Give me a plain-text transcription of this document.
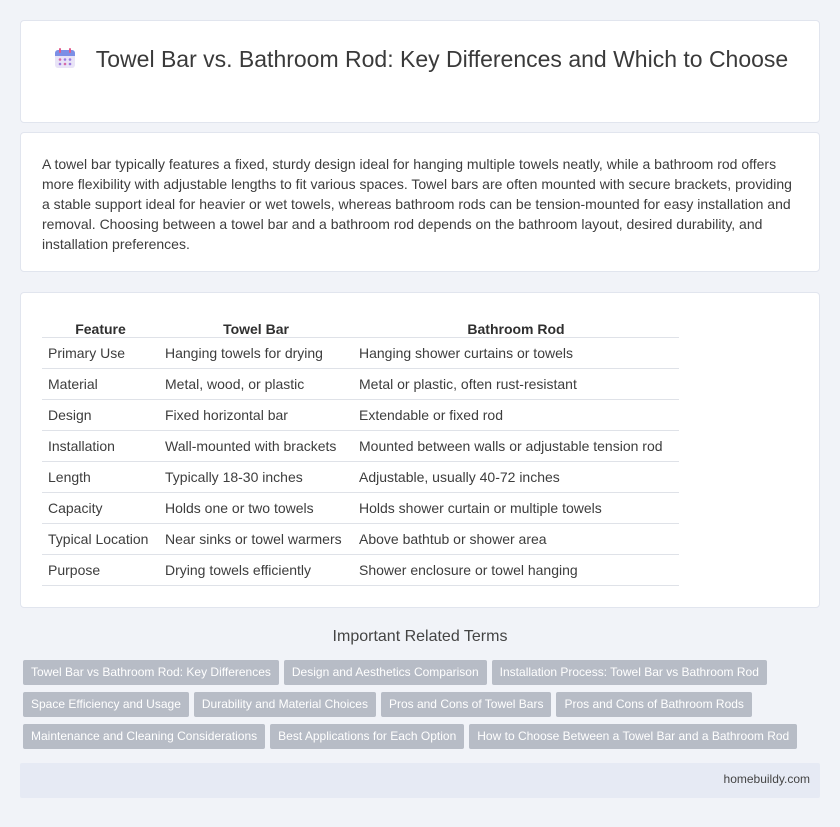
Towel Bar vs. Bathroom Rod: Key Differences and Which to Choose

A towel bar typically features a fixed, sturdy design ideal for hanging multiple towels neatly, while a bathroom rod offers more flexibility with adjustable lengths to fit various spaces. Towel bars are often mounted with secure brackets, providing a stable support ideal for heavier or wet towels, whereas bathroom rods can be tension-mounted for easy installation and removal. Choosing between a towel bar and a bathroom rod depends on the bathroom layout, desired durability, and installation preferences.

Feature	Towel Bar	Bathroom Rod
Primary Use	Hanging towels for drying	Hanging shower curtains or towels
Material	Metal, wood, or plastic	Metal or plastic, often rust-resistant
Design	Fixed horizontal bar	Extendable or fixed rod
Installation	Wall-mounted with brackets	Mounted between walls or adjustable tension rod
Length	Typically 18-30 inches	Adjustable, usually 40-72 inches
Capacity	Holds one or two towels	Holds shower curtain or multiple towels
Typical Location	Near sinks or towel warmers	Above bathtub or shower area
Purpose	Drying towels efficiently	Shower enclosure or towel hanging
Important Related Terms
Towel Bar vs Bathroom Rod: Key Differences Design and Aesthetics Comparison Installation Process: Towel Bar vs Bathroom Rod
Space Efficiency and Usage Durability and Material Choices Pros and Cons of Towel Bars Pros and Cons of Bathroom Rods
Maintenance and Cleaning Considerations Best Applications for Each Option How to Choose Between a Towel Bar and a Bathroom Rod
homebuildy.com
